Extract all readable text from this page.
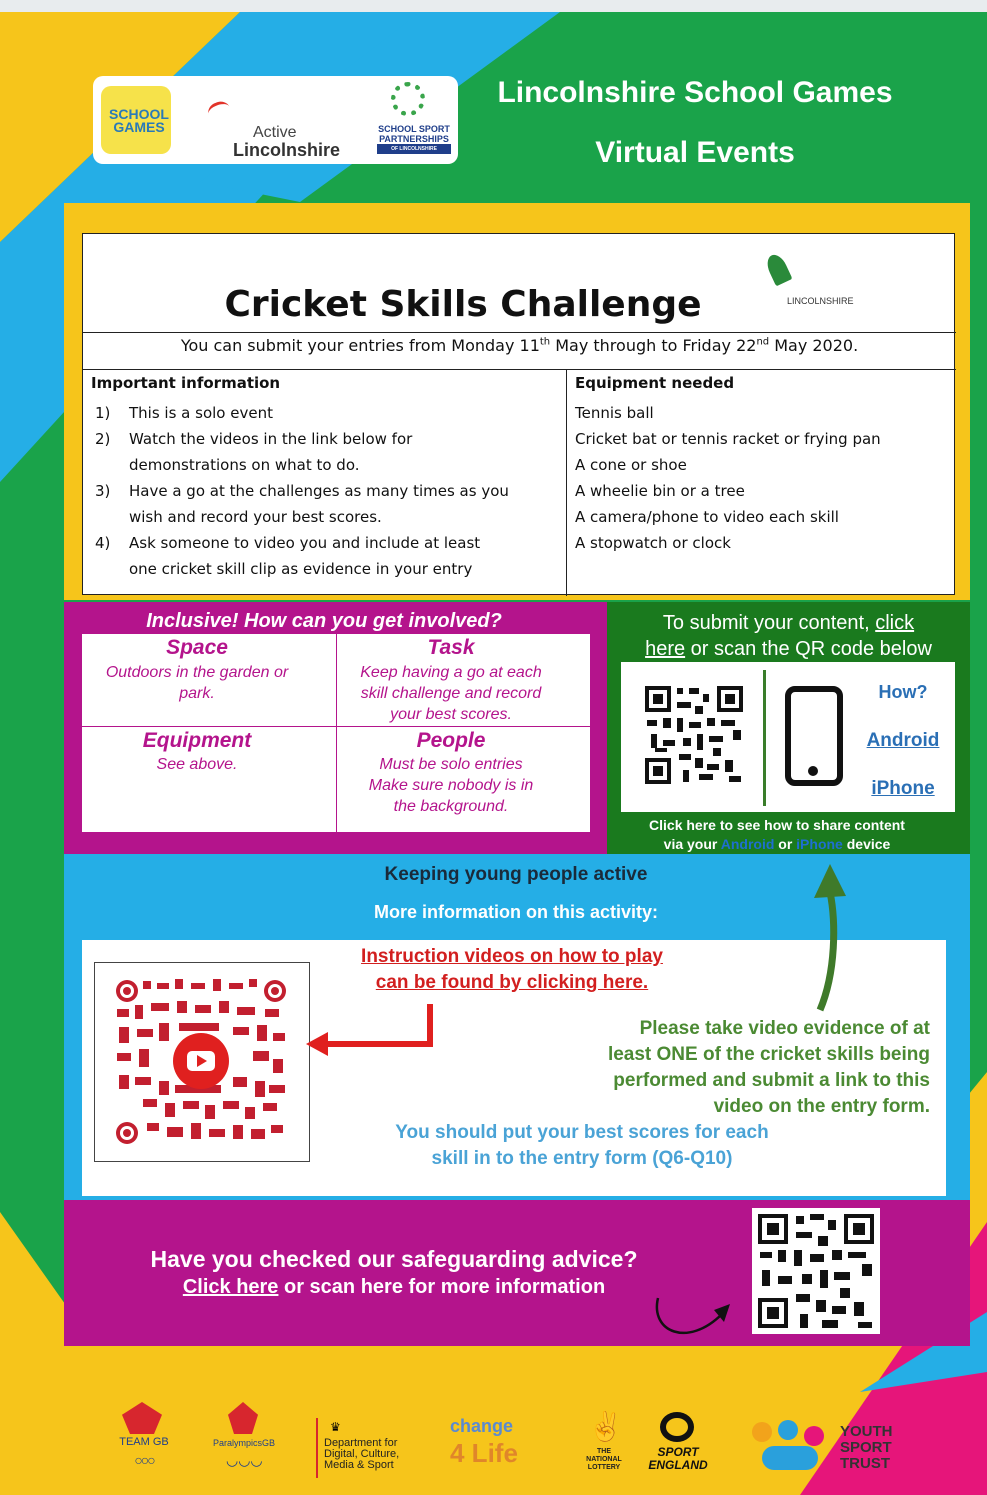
SCHOOL GAMES	Active
Lincolnshire
SCHOOL SPORT
PARTNERSHIPS
OF LINCOLNSHIRE
Lincolnshire School Games
Virtual Events
Cricket Skills Challenge	LINCOLNSHIRE
You can submit your entries from Monday 11th May through to Friday 22nd May 2020.
Important information
1)	This is a solo event
2)	Watch the videos in the link below for
demonstrations on what to do.
3)	Have a go at the challenges as many times as you
wish and record your best scores.
4)	Ask someone to video you and include at least
one cricket skill clip as evidence in your entry
Equipment needed
Tennis ball
Cricket bat or tennis racket or frying pan
A cone or shoe
A wheelie bin or a tree
A camera/phone to video each skill
A stopwatch or clock
Inclusive! How can you get involved?
Space
Outdoors in the garden or
park.
Task
Keep having a go at each
skill challenge and record
your best scores.
Equipment
See above.
People
Must be solo entries
Make sure nobody is in
the background.
To submit your content, click
here or scan the QR code below
How?
Android
iPhone
Click here to see how to share content
via your Android or iPhone device
Keeping young people active
More information on this activity:
Instruction videos on how to play
can be found by clicking here.
Please take video evidence of at
least ONE of the cricket skills being
performed and submit a link to this
video on the entry form.
You should put your best scores for each
skill in to the entry form (Q6-Q10)
Have you checked our safeguarding advice?
Click here or scan here for more information
TEAM GB
○○○
ParalympicsGB
◡◡◡
♛
Department for
Digital, Culture,
Media & Sport
change
4 Life
✌
THE
NATIONAL
LOTTERY
SPORT
ENGLAND
YOUTH
SPORT
TRUST
